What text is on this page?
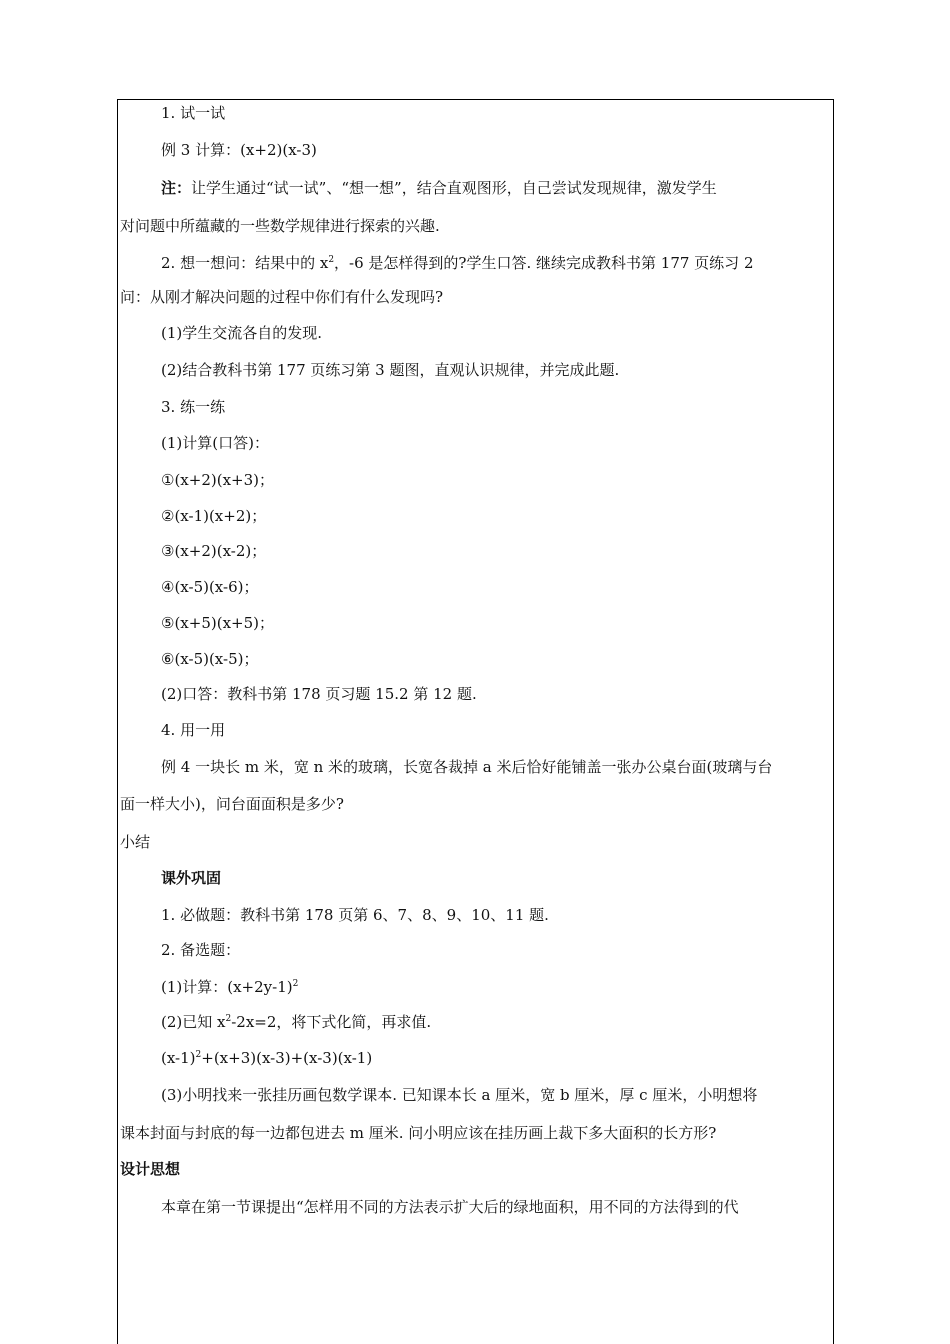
1. 试一试
例 3 计算：(x+2)(x-3)
注：让学生通过“试一试”、“想一想”，结合直观图形，自己尝试发现规律，激发学生
对问题中所蕴藏的一些数学规律进行探索的兴趣.
2. 想一想问：结果中的 $x^2$，-6 是怎样得到的?学生口答. 继续完成教科书第 177 页练习 2
问：从刚才解决问题的过程中你们有什么发现吗?
(1)学生交流各自的发现.
(2)结合教科书第 177 页练习第 3 题图，直观认识规律，并完成此题.
3. 练一练
(1)计算(口答)：
①(x+2)(x+3)；
②(x-1)(x+2)；
③(x+2)(x-2)；
④(x-5)(x-6)；
⑤(x+5)(x+5)；
⑥(x-5)(x-5)；
(2)口答：教科书第 178 页习题 15.2 第 12 题.
4. 用一用
例 4 一块长 m 米，宽 n 米的玻璃，长宽各裁掉 a 米后恰好能铺盖一张办公桌台面(玻璃与台
面一样大小)，问台面面积是多少?
小结
课外巩固
1. 必做题：教科书第 178 页第 6、7、8、9、10、11 题.
2. 备选题：
(1)计算：$(x+2y-1)^2$
(2)已知 $x^2-2x=2$，将下式化简，再求值.
$(x-1)^2+(x+3)(x-3)+(x-3)(x-1)$
(3)小明找来一张挂历画包数学课本. 已知课本长 a 厘米，宽 b 厘米，厚 c 厘米，小明想将
课本封面与封底的每一边都包进去 m 厘米. 问小明应该在挂历画上裁下多大面积的长方形?
设计思想
本章在第一节课提出“怎样用不同的方法表示扩大后的绿地面积，用不同的方法得到的代
